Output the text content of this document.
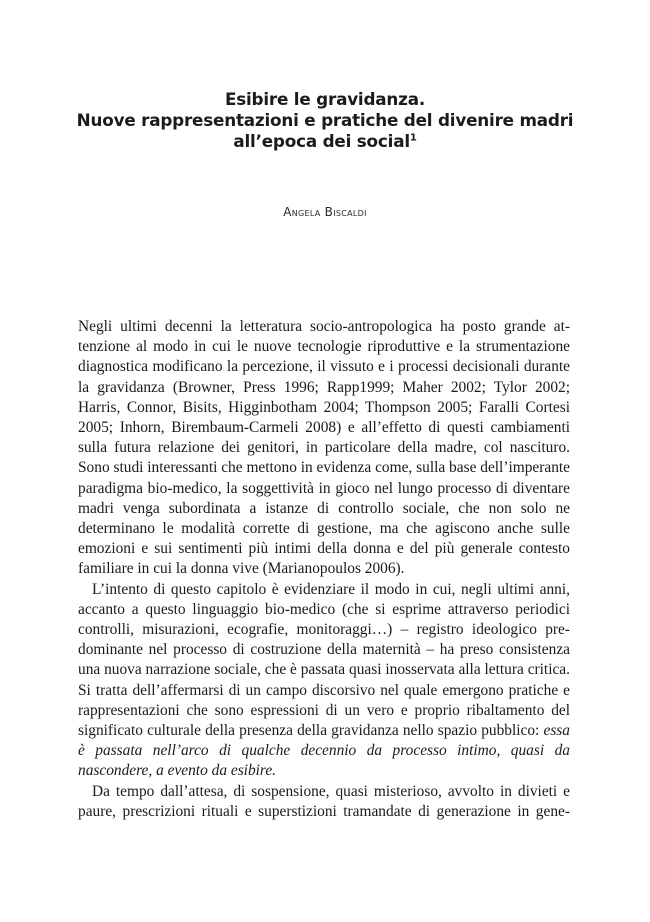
Esibire le gravidanza.
Nuove rappresentazioni e pratiche del divenire madri
all’epoca dei social$^1$
Angela Biscaldi

Negli ultimi decenni la letteratura socio-antropologica ha posto grande attenzione al modo in cui le nuove tecnologie riproduttive e la strumentazione diagnostica modificano la percezione, il vissuto e i processi decisionali durante la gravidanza (Browner, Press 1996; Rapp1999; Maher 2002; Tylor 2002; Harris, Connor, Bisits, Higginbotham 2004; Thompson 2005; Faralli Cortesi 2005; Inhorn, Birembaum-Carmeli 2008) e all’effetto di questi cambiamenti sulla futura relazione dei genitori, in particolare della madre, col nascituro. Sono studi interessanti che mettono in evidenza come, sulla base dell’imperante paradigma bio-medico, la soggettività in gioco nel lungo processo di diventare madri venga subordinata a istanze di controllo sociale, che non solo ne determinano le modalità corrette di gestione, ma che agiscono anche sulle emozioni e sui sentimenti più intimi della donna e del più generale contesto familiare in cui la donna vive (Marianopoulos 2006).

L’intento di questo capitolo è evidenziare il modo in cui, negli ultimi anni, accanto a questo linguaggio bio-medico (che si esprime attraverso periodici controlli, misurazioni, ecografie, monitoraggi…) – registro ideologico predominante nel processo di costruzione della maternità – ha preso consistenza una nuova narrazione sociale, che è passata quasi inosservata alla lettura critica. Si tratta dell’affermarsi di un campo discorsivo nel quale emergono pratiche e rappresentazioni che sono espressioni di un vero e proprio ribaltamento del significato culturale della presenza della gravidanza nello spazio pubblico: essa è passata nell’arco di qualche decennio da processo intimo, quasi da nascondere, a evento da esibire.

Da tempo dall’attesa, di sospensione, quasi misterioso, avvolto in divieti e paure, prescrizioni rituali e superstizioni tramandate di generazione in gene-
